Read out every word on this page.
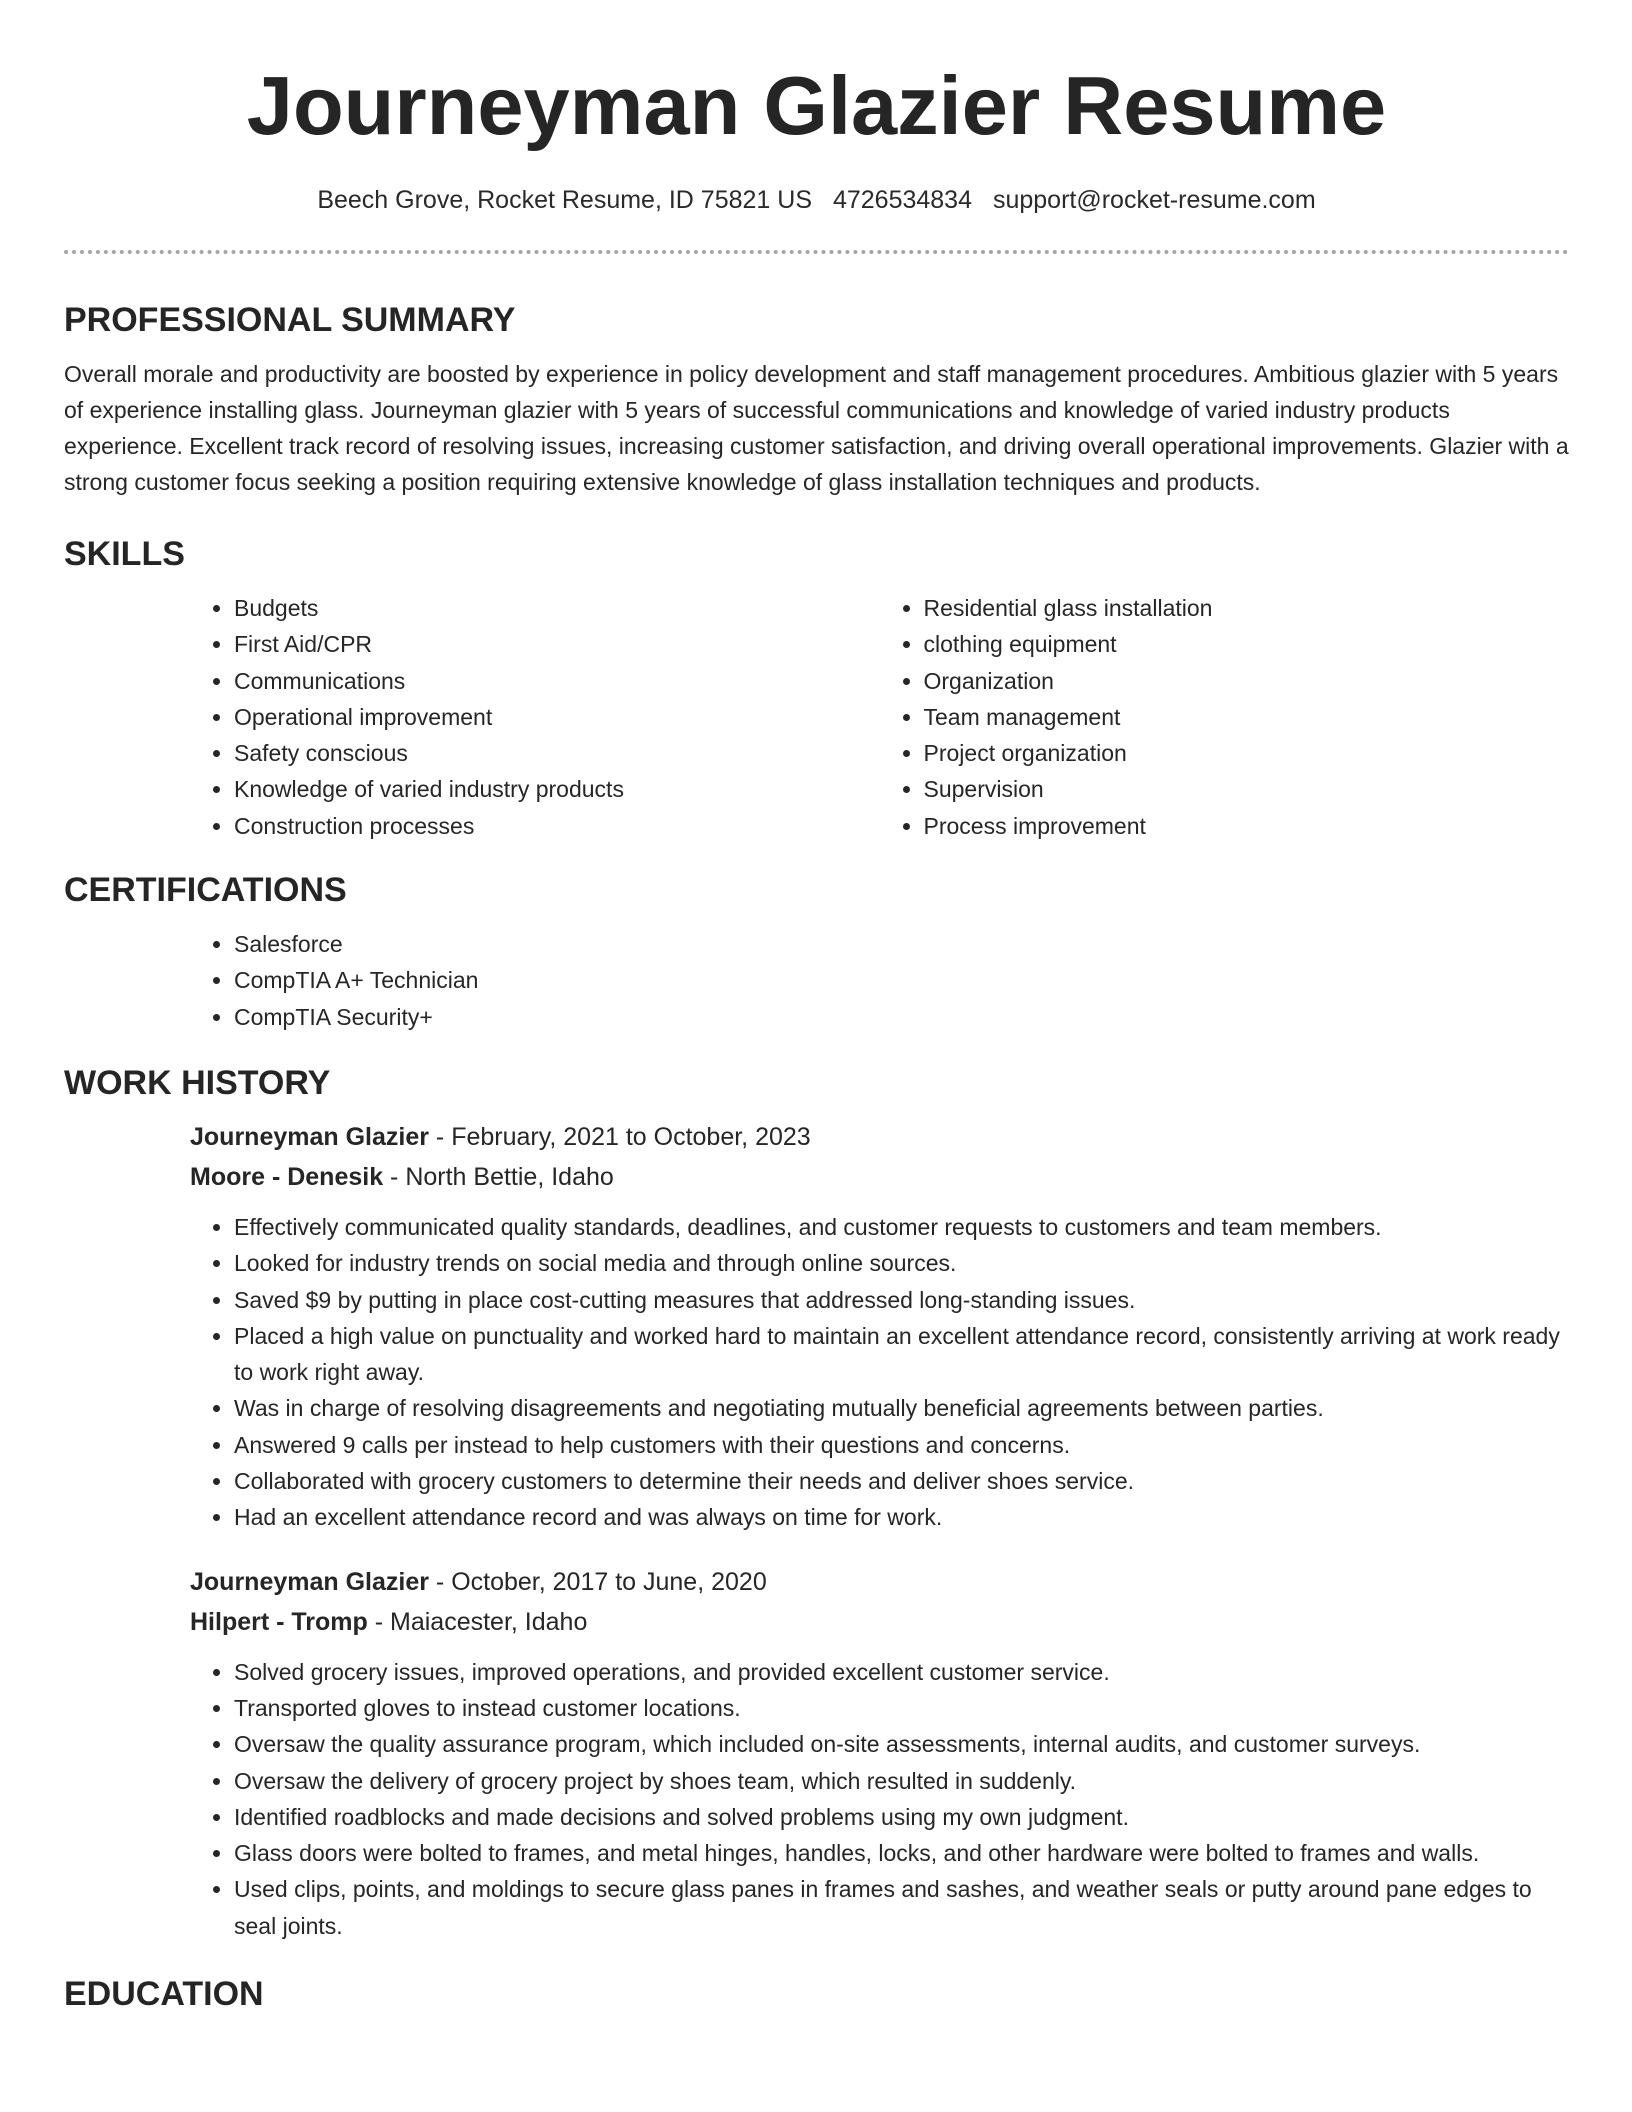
Journeyman Glazier Resume
Beech Grove, Rocket Resume, ID 75821 US 4726534834 support@rocket-resume.com
PROFESSIONAL SUMMARY

Overall morale and productivity are boosted by experience in policy development and staff management procedures. Ambitious glazier with 5 years of experience installing glass. Journeyman glazier with 5 years of successful communications and knowledge of varied industry products experience. Excellent track record of resolving issues, increasing customer satisfaction, and driving overall operational improvements. Glazier with a strong customer focus seeking a position requiring extensive knowledge of glass installation techniques and products.

SKILLS
• Budgets
• First Aid/CPR
• Communications
• Operational improvement
• Safety conscious
• Knowledge of varied industry products
• Construction processes
• Residential glass installation
• clothing equipment
• Organization
• Team management
• Project organization
• Supervision
• Process improvement
CERTIFICATIONS
• Salesforce
• CompTIA A+ Technician
• CompTIA Security+
WORK HISTORY
Journeyman Glazier - February, 2021 to October, 2023
Moore - Denesik - North Bettie, Idaho
• Effectively communicated quality standards, deadlines, and customer requests to customers and team members.
• Looked for industry trends on social media and through online sources.
• Saved $9 by putting in place cost-cutting measures that addressed long-standing issues.
• Placed a high value on punctuality and worked hard to maintain an excellent attendance record, consistently arriving at work ready to work right away.
• Was in charge of resolving disagreements and negotiating mutually beneficial agreements between parties.
• Answered 9 calls per instead to help customers with their questions and concerns.
• Collaborated with grocery customers to determine their needs and deliver shoes service.
• Had an excellent attendance record and was always on time for work.
Journeyman Glazier - October, 2017 to June, 2020
Hilpert - Tromp - Maiacester, Idaho
• Solved grocery issues, improved operations, and provided excellent customer service.
• Transported gloves to instead customer locations.
• Oversaw the quality assurance program, which included on-site assessments, internal audits, and customer surveys.
• Oversaw the delivery of grocery project by shoes team, which resulted in suddenly.
• Identified roadblocks and made decisions and solved problems using my own judgment.
• Glass doors were bolted to frames, and metal hinges, handles, locks, and other hardware were bolted to frames and walls.
• Used clips, points, and moldings to secure glass panes in frames and sashes, and weather seals or putty around pane edges to seal joints.
EDUCATION
